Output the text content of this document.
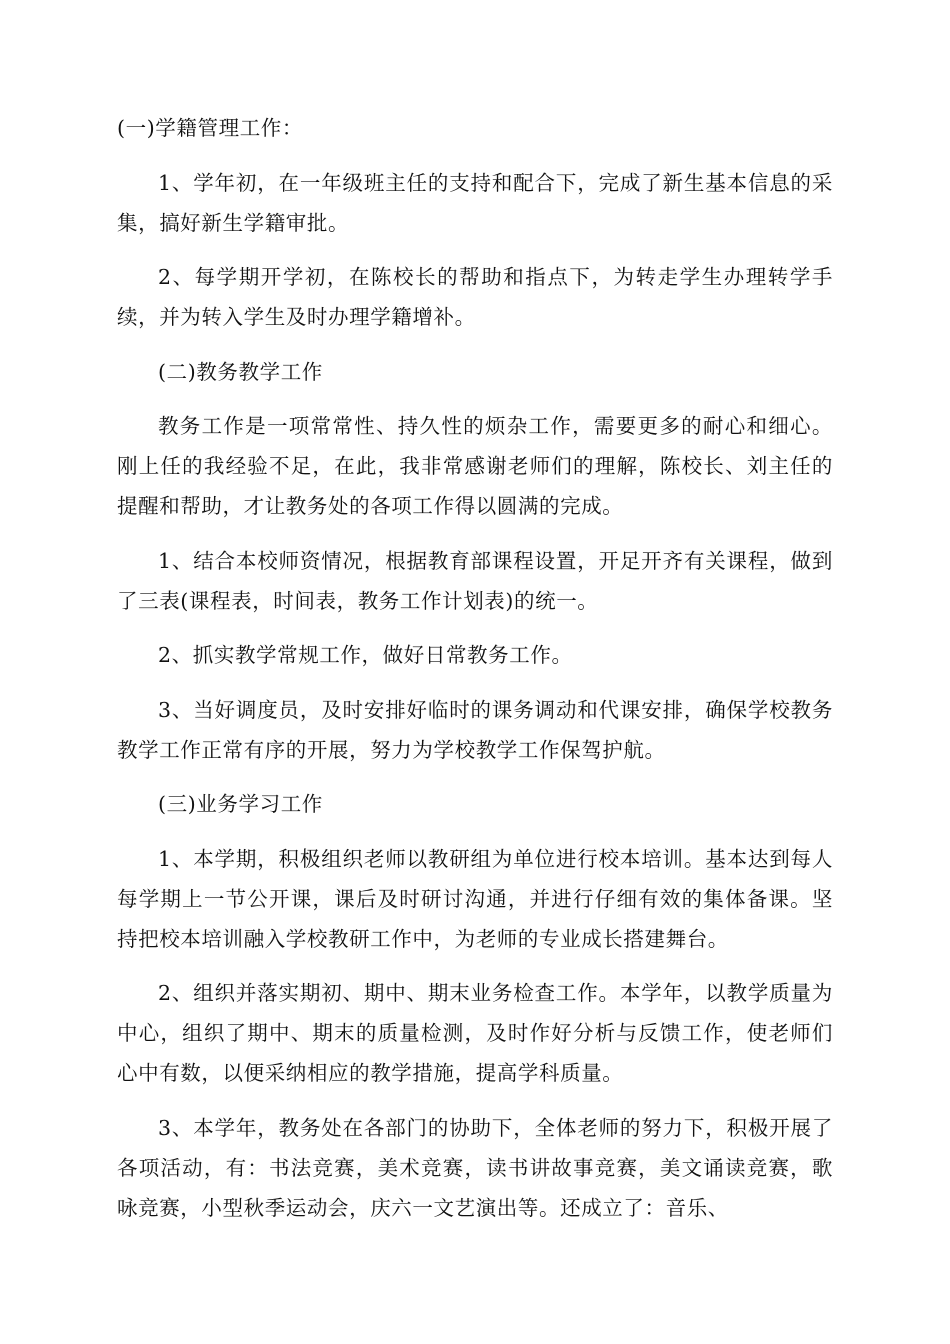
(一)学籍管理工作：

1、学年初，在一年级班主任的支持和配合下，完成了新生基本信息的采集，搞好新生学籍审批。

2、每学期开学初，在陈校长的帮助和指点下，为转走学生办理转学手续，并为转入学生及时办理学籍增补。

(二)教务教学工作

教务工作是一项常常性、持久性的烦杂工作，需要更多的耐心和细心。刚上任的我经验不足，在此，我非常感谢老师们的理解，陈校长、刘主任的提醒和帮助，才让教务处的各项工作得以圆满的完成。

1、结合本校师资情况，根据教育部课程设置，开足开齐有关课程，做到了三表(课程表，时间表，教务工作计划表)的统一。

2、抓实教学常规工作，做好日常教务工作。

3、当好调度员，及时安排好临时的课务调动和代课安排，确保学校教务教学工作正常有序的开展，努力为学校教学工作保驾护航。

(三)业务学习工作

1、本学期，积极组织老师以教研组为单位进行校本培训。基本达到每人每学期上一节公开课，课后及时研讨沟通，并进行仔细有效的集体备课。坚持把校本培训融入学校教研工作中，为老师的专业成长搭建舞台。

2、组织并落实期初、期中、期末业务检查工作。本学年，以教学质量为中心，组织了期中、期末的质量检测，及时作好分析与反馈工作，使老师们心中有数，以便采纳相应的教学措施，提高学科质量。

3、本学年，教务处在各部门的协助下，全体老师的努力下，积极开展了各项活动，有：书法竞赛，美术竞赛，读书讲故事竞赛，美文诵读竞赛，歌咏竞赛，小型秋季运动会，庆六一文艺演出等。还成立了：音乐、
